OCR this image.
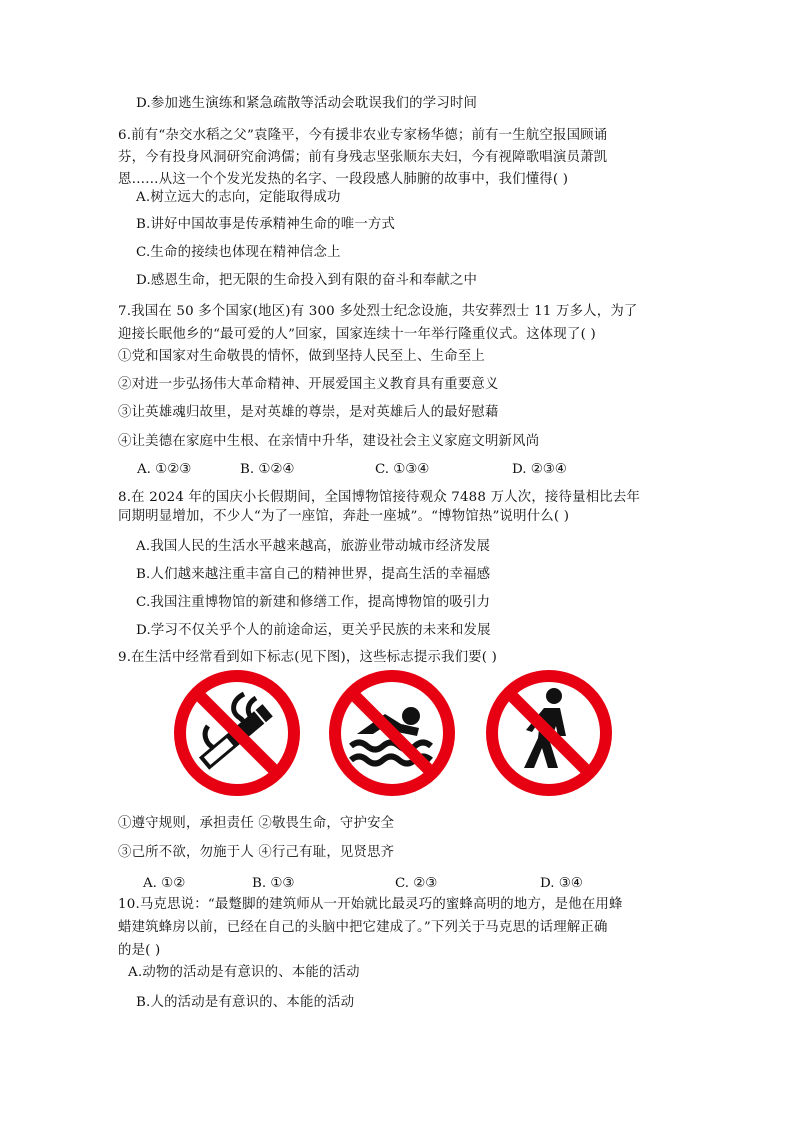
D.参加逃生演练和紧急疏散等活动会耽误我们的学习时间
6.前有“杂交水稻之父”袁隆平，今有援非农业专家杨华德；前有一生航空报国顾诵
芬，今有投身风洞研究俞鸿儒；前有身残志坚张顺东夫妇，今有视障歌唱演员萧凯
恩……从这一个个发光发热的名字、一段段感人肺腑的故事中，我们懂得( )
A.树立远大的志向，定能取得成功
B.讲好中国故事是传承精神生命的唯一方式
C.生命的接续也体现在精神信念上
D.感恩生命，把无限的生命投入到有限的奋斗和奉献之中
7.我国在 50 多个国家(地区)有 300 多处烈士纪念设施，共安葬烈士 11 万多人，为了
迎接长眠他乡的“最可爱的人”回家，国家连续十一年举行隆重仪式。这体现了( )
①党和国家对生命敬畏的情怀，做到坚持人民至上、生命至上
②对进一步弘扬伟大革命精神、开展爱国主义教育具有重要意义
③让英雄魂归故里，是对英雄的尊崇，是对英雄后人的最好慰藉
④让美德在家庭中生根、在亲情中升华，建设社会主义家庭文明新风尚
A. ①②③	B. ①②④	C. ①③④	D. ②③④
8.在 2024 年的国庆小长假期间，全国博物馆接待观众 7488 万人次，接待量相比去年
同期明显增加，不少人“为了一座馆，奔赴一座城”。“博物馆热”说明什么( )
A.我国人民的生活水平越来越高，旅游业带动城市经济发展
B.人们越来越注重丰富自己的精神世界，提高生活的幸福感
C.我国注重博物馆的新建和修缮工作，提高博物馆的吸引力
D.学习不仅关乎个人的前途命运，更关乎民族的未来和发展
9.在生活中经常看到如下标志(见下图)，这些标志提示我们要( )
①遵守规则，承担责任 ②敬畏生命，守护安全
③己所不欲，勿施于人 ④行己有耻，见贤思齐
A. ①②	B. ①③	C. ②③	D. ③④
10.马克思说：“最蹩脚的建筑师从一开始就比最灵巧的蜜蜂高明的地方，是他在用蜂
蜡建筑蜂房以前，已经在自己的头脑中把它建成了。”下列关于马克思的话理解正确
的是( )
A.动物的活动是有意识的、本能的活动
B.人的活动是有意识的、本能的活动
